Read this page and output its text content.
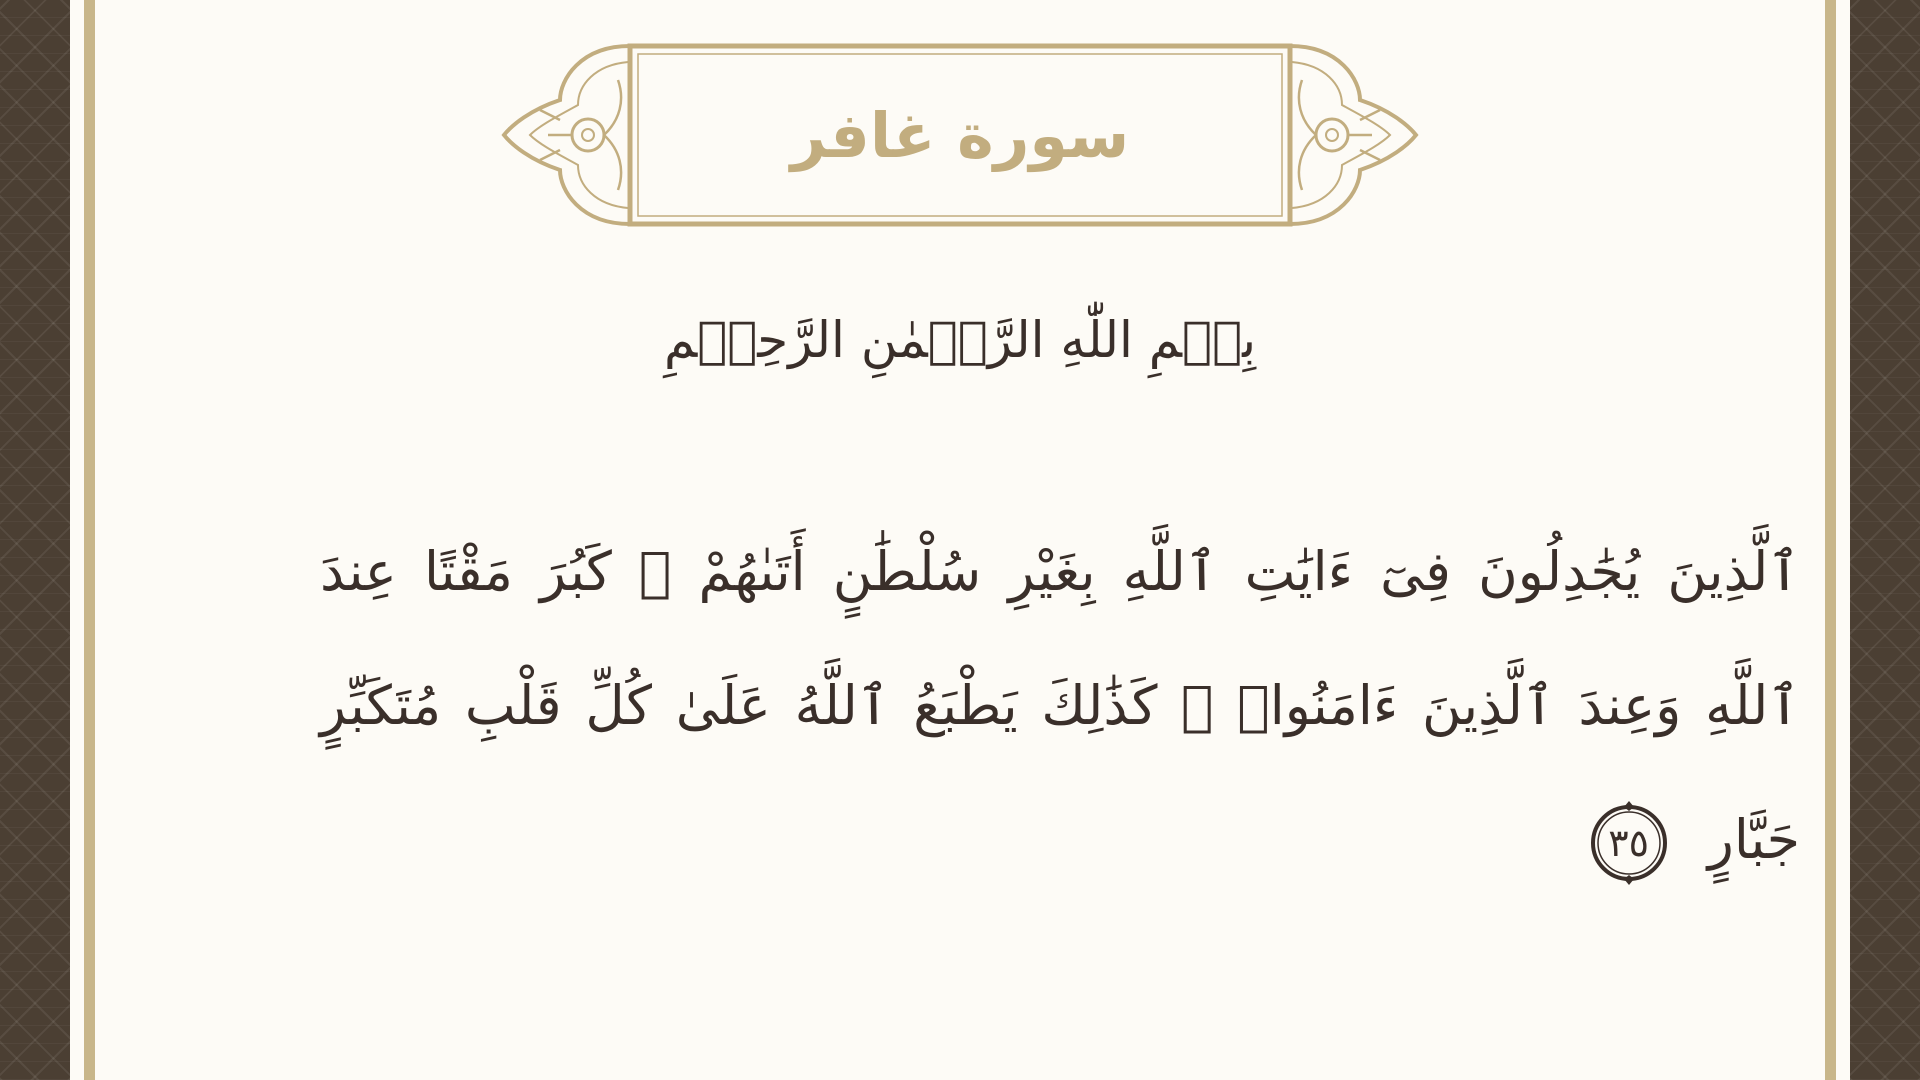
سورة غافر
بِسۡمِ اللّٰهِ الرَّحۡمٰنِ الرَّحِيۡمِ

ٱلَّذِينَ يُجَٰدِلُونَ فِىٓ ءَايَٰتِ ٱللَّهِ بِغَيْرِ سُلْطَٰنٍ أَتَىٰهُمْ ۖ كَبُرَ مَقْتًا عِندَ ٱللَّهِ وَعِندَ ٱلَّذِينَ ءَامَنُوا۟ ۚ كَذَٰلِكَ يَطْبَعُ ٱللَّهُ عَلَىٰ كُلِّ قَلْبِ مُتَكَبِّرٍ جَبَّارٍ
٣٥
